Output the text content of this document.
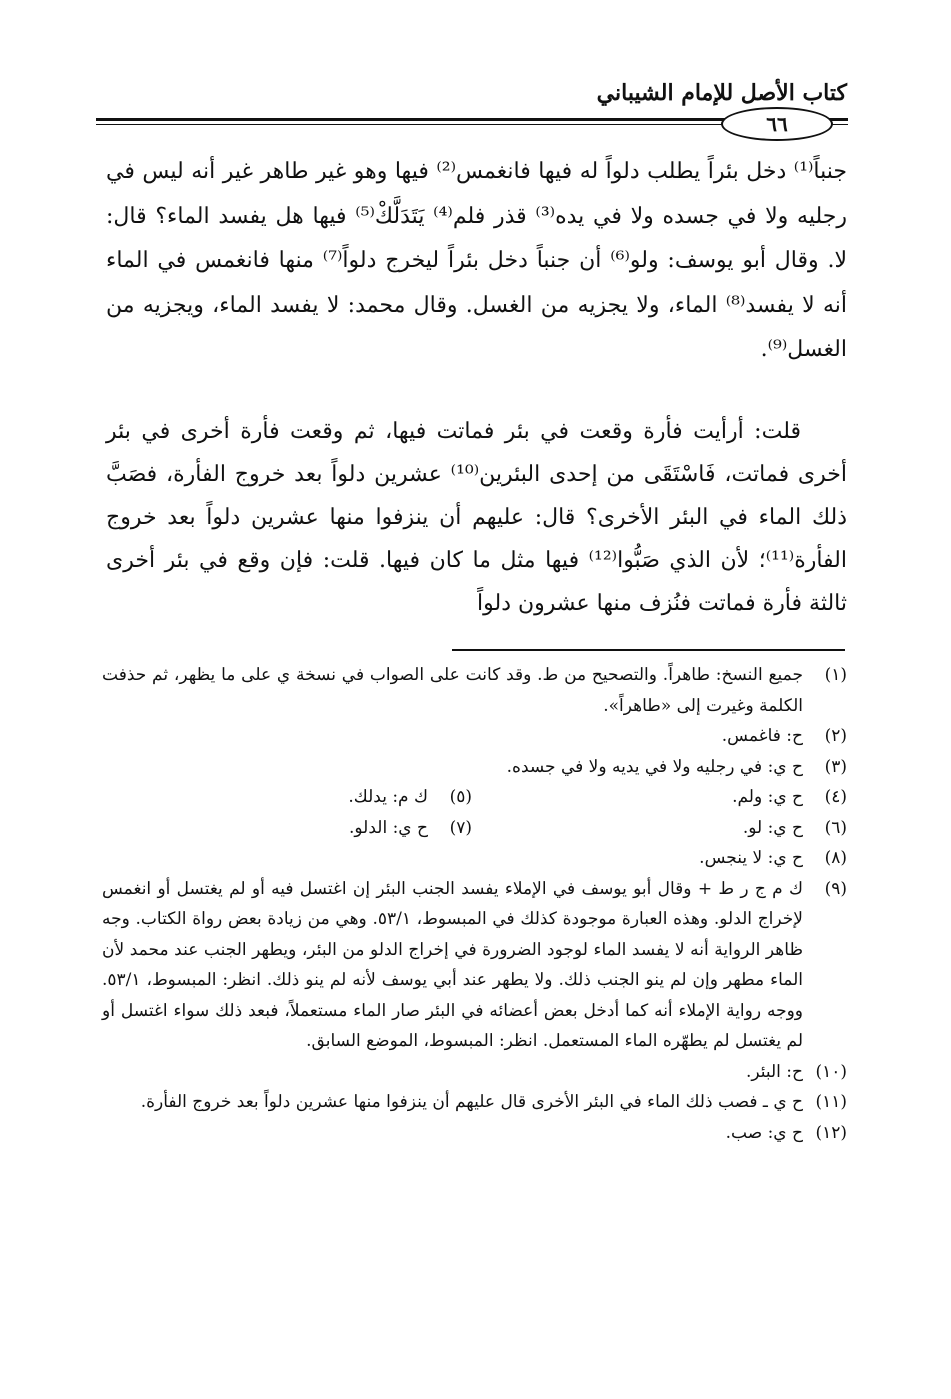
كتاب الأصل للإمام الشيباني
٦٦

جنباً⁽¹⁾ دخل بئراً يطلب دلواً له فيها فانغمس⁽²⁾ فيها وهو غير طاهر غير أنه ليس في رجليه ولا في جسده ولا في يده⁽³⁾ قذر فلم⁽⁴⁾ يَتَدَلَّكْ⁽⁵⁾ فيها هل يفسد الماء؟ قال: لا. وقال أبو يوسف: ولو⁽⁶⁾ أن جنباً دخل بئراً ليخرج دلواً⁽⁷⁾ منها فانغمس في الماء أنه لا يفسد⁽⁸⁾ الماء، ولا يجزيه من الغسل. وقال محمد: لا يفسد الماء، ويجزيه من الغسل⁽⁹⁾.

قلت: أرأيت فأرة وقعت في بئر فماتت فيها، ثم وقعت فأرة أخرى في بئر أخرى فماتت، فَاسْتَقَى من إحدى البئرين⁽¹⁰⁾ عشرين دلواً بعد خروج الفأرة، فصَبَّ ذلك الماء في البئر الأخرى؟ قال: عليهم أن ينزفوا منها عشرين دلواً بعد خروج الفأرة⁽¹¹⁾؛ لأن الذي صَبُّوا⁽¹²⁾ فيها مثل ما كان فيها. قلت: فإن وقع في بئر أخرى ثالثة فأرة فماتت فنُزف منها عشرون دلواً

(١)
جميع النسخ: طاهراً. والتصحيح من ط. وقد كانت على الصواب في نسخة ي على ما يظهر، ثم حذفت الكلمة وغيرت إلى «طاهراً».
(٢)
ح: فاغمس.
(٣)
ح ي: في رجليه ولا في يديه ولا في جسده.
(٤)
ح ي: ولم.
(٥)
ك م: يدلك.
(٦)
ح ي: لو.
(٧)
ح ي: الدلو.
(٨)
ح ي: لا ينجس.
(٩)
ك م ج ر ط + وقال أبو يوسف في الإملاء يفسد الجنب البئر إن اغتسل فيه أو لم يغتسل أو انغمس لإخراج الدلو. وهذه العبارة موجودة كذلك في المبسوط، ٥٣/١. وهي من زيادة بعض رواة الكتاب. وجه ظاهر الرواية أنه لا يفسد الماء لوجود الضرورة في إخراج الدلو من البئر، ويطهر الجنب عند محمد لأن الماء مطهر وإن لم ينو الجنب ذلك. ولا يطهر عند أبي يوسف لأنه لم ينو ذلك. انظر: المبسوط، ٥٣/١. ووجه رواية الإملاء أنه كما أدخل بعض أعضائه في البئر صار الماء مستعملاً، فبعد ذلك سواء اغتسل أو لم يغتسل لم يطهّره الماء المستعمل. انظر: المبسوط، الموضع السابق.
(١٠)
ح: البئر.
(١١)
ح ي ـ فصب ذلك الماء في البئر الأخرى قال عليهم أن ينزفوا منها عشرين دلواً بعد خروج الفأرة.
(١٢)
ح ي: صب.
